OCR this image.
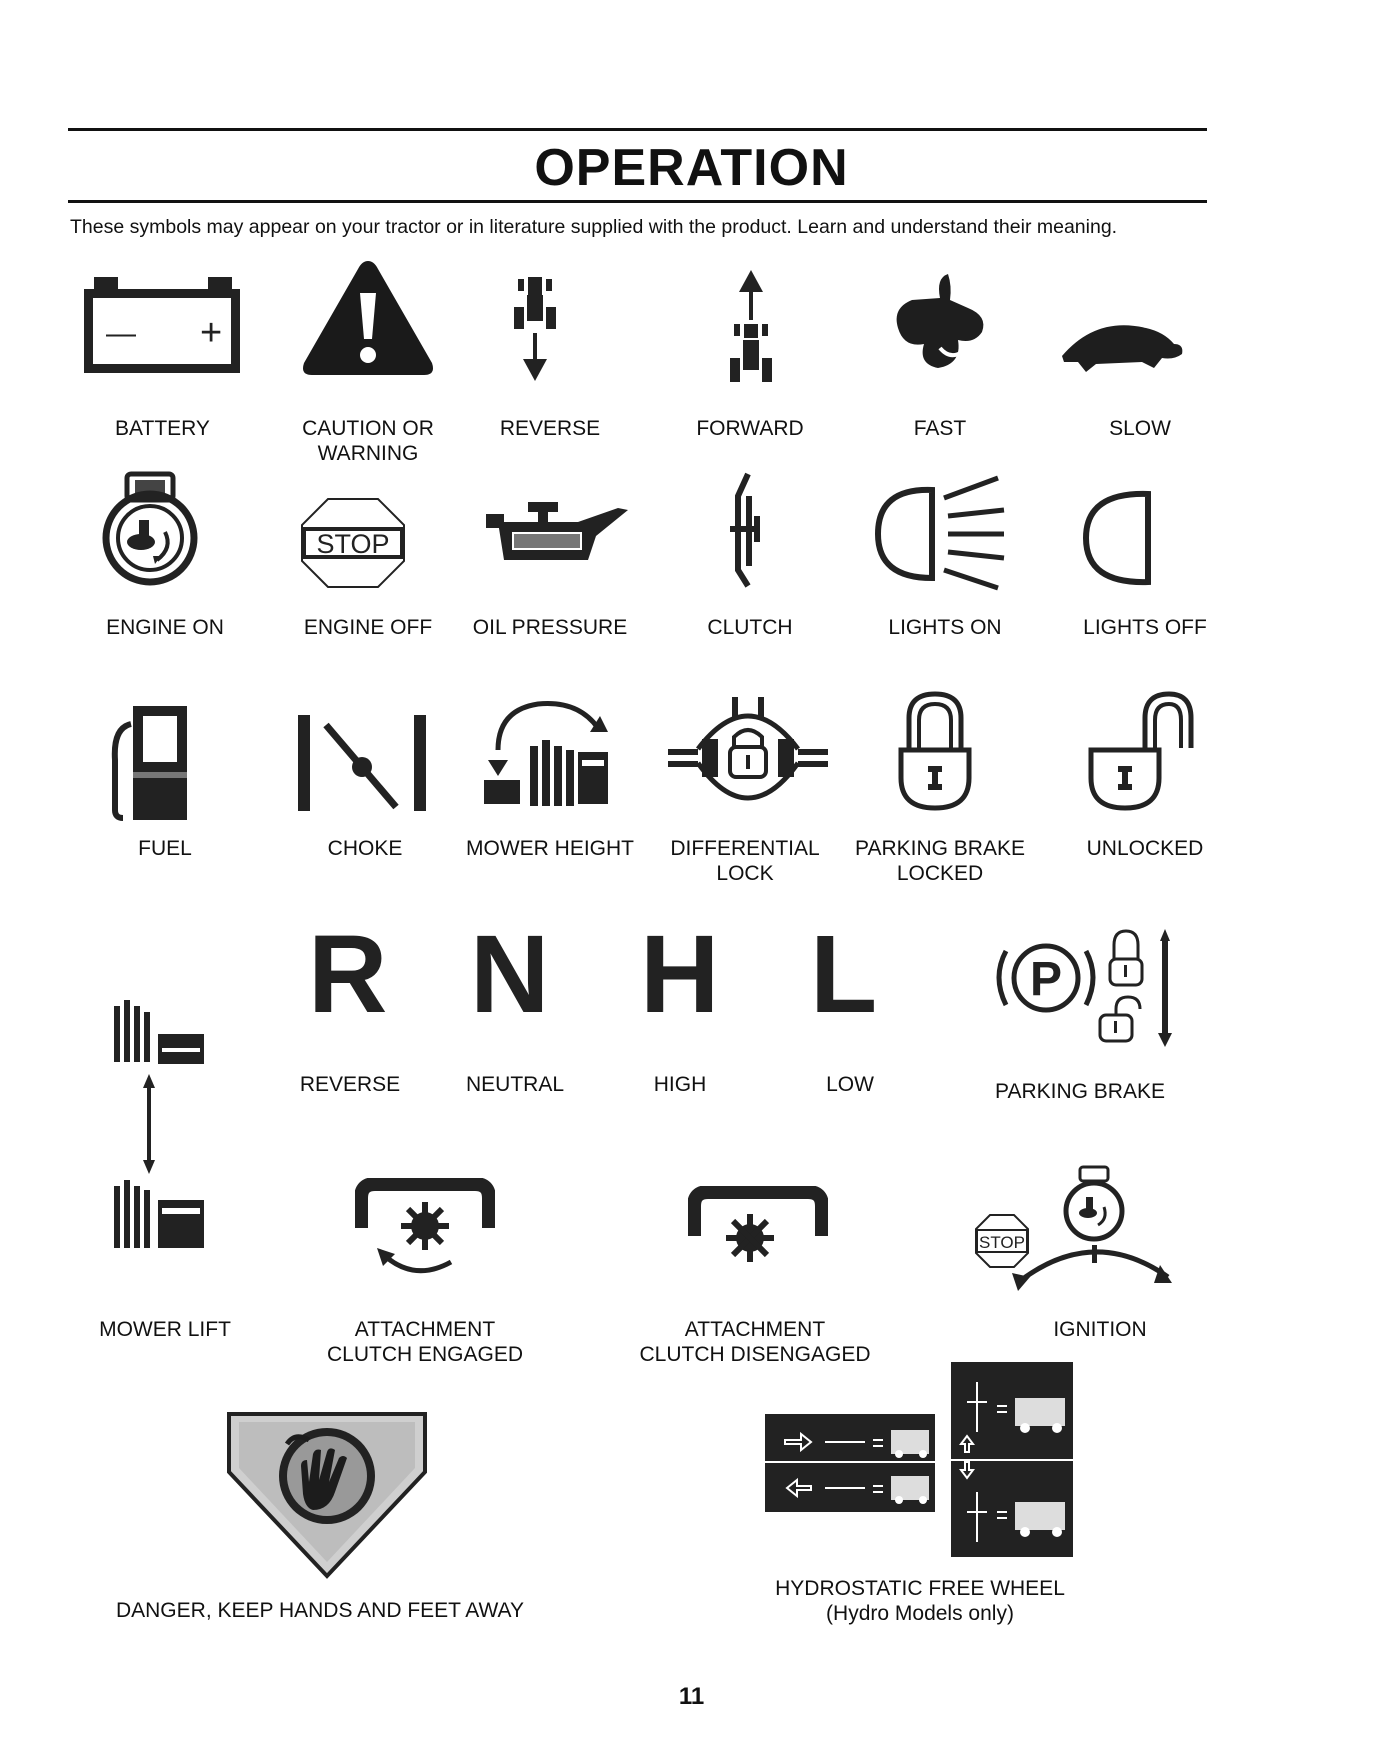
OPERATION
These symbols may appear on your tractor or in literature supplied with the product. Learn and understand their meaning.
— +
BATTERY	CAUTION OR
WARNING
REVERSE	FORWARD	FAST	SLOW
STOP
ENGINE ON	ENGINE OFF	OIL PRESSURE	CLUTCH	LIGHTS ON	LIGHTS OFF
FUEL	CHOKE	MOWER HEIGHT	DIFFERENTIAL
LOCK
PARKING BRAKE
LOCKED
UNLOCKED
R N H L	P
REVERSE	NEUTRAL	HIGH	LOW	PARKING BRAKE
STOP
MOWER LIFT	ATTACHMENT
CLUTCH ENGAGED
ATTACHMENT
CLUTCH DISENGAGED
IGNITION
DANGER, KEEP HANDS AND FEET AWAY
HYDROSTATIC FREE WHEEL
(Hydro Models only)
11
